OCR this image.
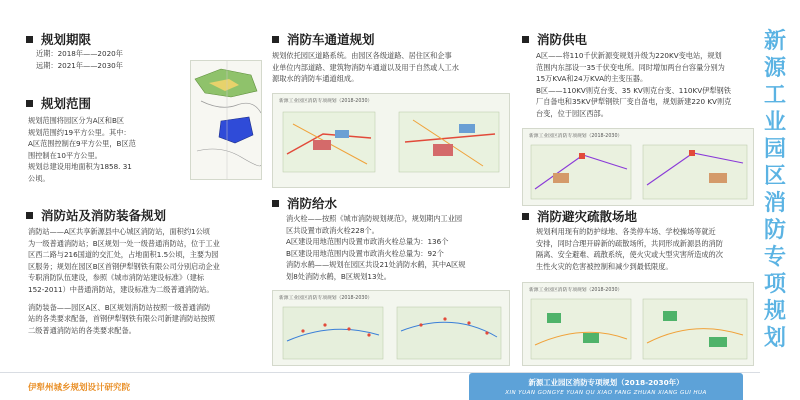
规划期限

近期：2018年——2020年

远期：2021年——2030年

规划范围

规划范围将园区分为A区和B区

规划范围约19平方公里。其中：

A区范围控制在9平方公里，B区范

围控制在10平方公里。

规划总建设用地面积为1858. 31

公顷。

消防站及消防装备规划

消防站——A区共享新源县中心城区消防站，面积约1公顷

为一级普通消防站；B区规划一处一级普通消防站，位于工业

区西二路与216国道的交汇处，占地面积1.5公顷，主要为园

区服务；规划在园区B区首钢伊犁钢铁有限公司分别启动企业

专职消防队伍建设，参照《城市消防站建设标准》（建标

152-2011）中普通消防站，建设标准为二级普通消防站。

消防装备——园区A区、B区规划消防站按照一级普通消防

站的各类要求配备，首钢伊犁钢铁有限公司新建消防站按照

二级普通消防站的各类要求配备。

消防车通道规划

规划依托园区道路系统。由园区各级道路、居住区和企事

业单位内部道路、建筑物消防车通道以及用于自然或人工水

源取水的消防车通道组成。

新源工业园区消防专项规划（2018-2030）
消防给水

消火栓——按照《城市消防规划规范》，规划期内工业园

区共设置市政消火栓228个。

A区建设用地范围内设置市政消火栓总量为：136个

B区建设用地范围内设置市政消火栓总量为：92个

消防水鹤——规划在园区共设21处消防水鹤，其中A区规

划8处消防水鹤，B区规划13处。

新源工业园区消防专项规划（2018-2030）
消防供电

A区——将110千伏新源变规划升级为220KV变电站，规划

范围内东部设一35千伏变电所。同时增加两台台容量分别为

15万KVA和24万KVA的主变压器。

B区——110KV则克台变、35 KV则克台变、110KV伊犁钢铁

厂自备电和35KV伊犁钢铁厂变自备电，规划新建220 KV则克

台变，位于园区西部。

新源工业园区消防专项规划（2018-2030）
消防避灾疏散场地

规划利用现有的防护绿地、各类停车场、学校操场等就近

安排，同时合理开辟新的疏散场所，共同形成新源县的消防

隔离、安全避难、疏散系统，使火灾或大型灾害所造成的次

生性火灾的危害被控制和减少到最低限度。

新源工业园区消防专项规划（2018-2030）
新
源
工
业
园
区
消
防
专
项
规
划
伊犁州城乡规划设计研究院
新源工业园区消防专项规划（2018-2030年）
XIN YUAN GONGYE YUAN QU XIAO FANG ZHUAN XIANG GUI HUA
